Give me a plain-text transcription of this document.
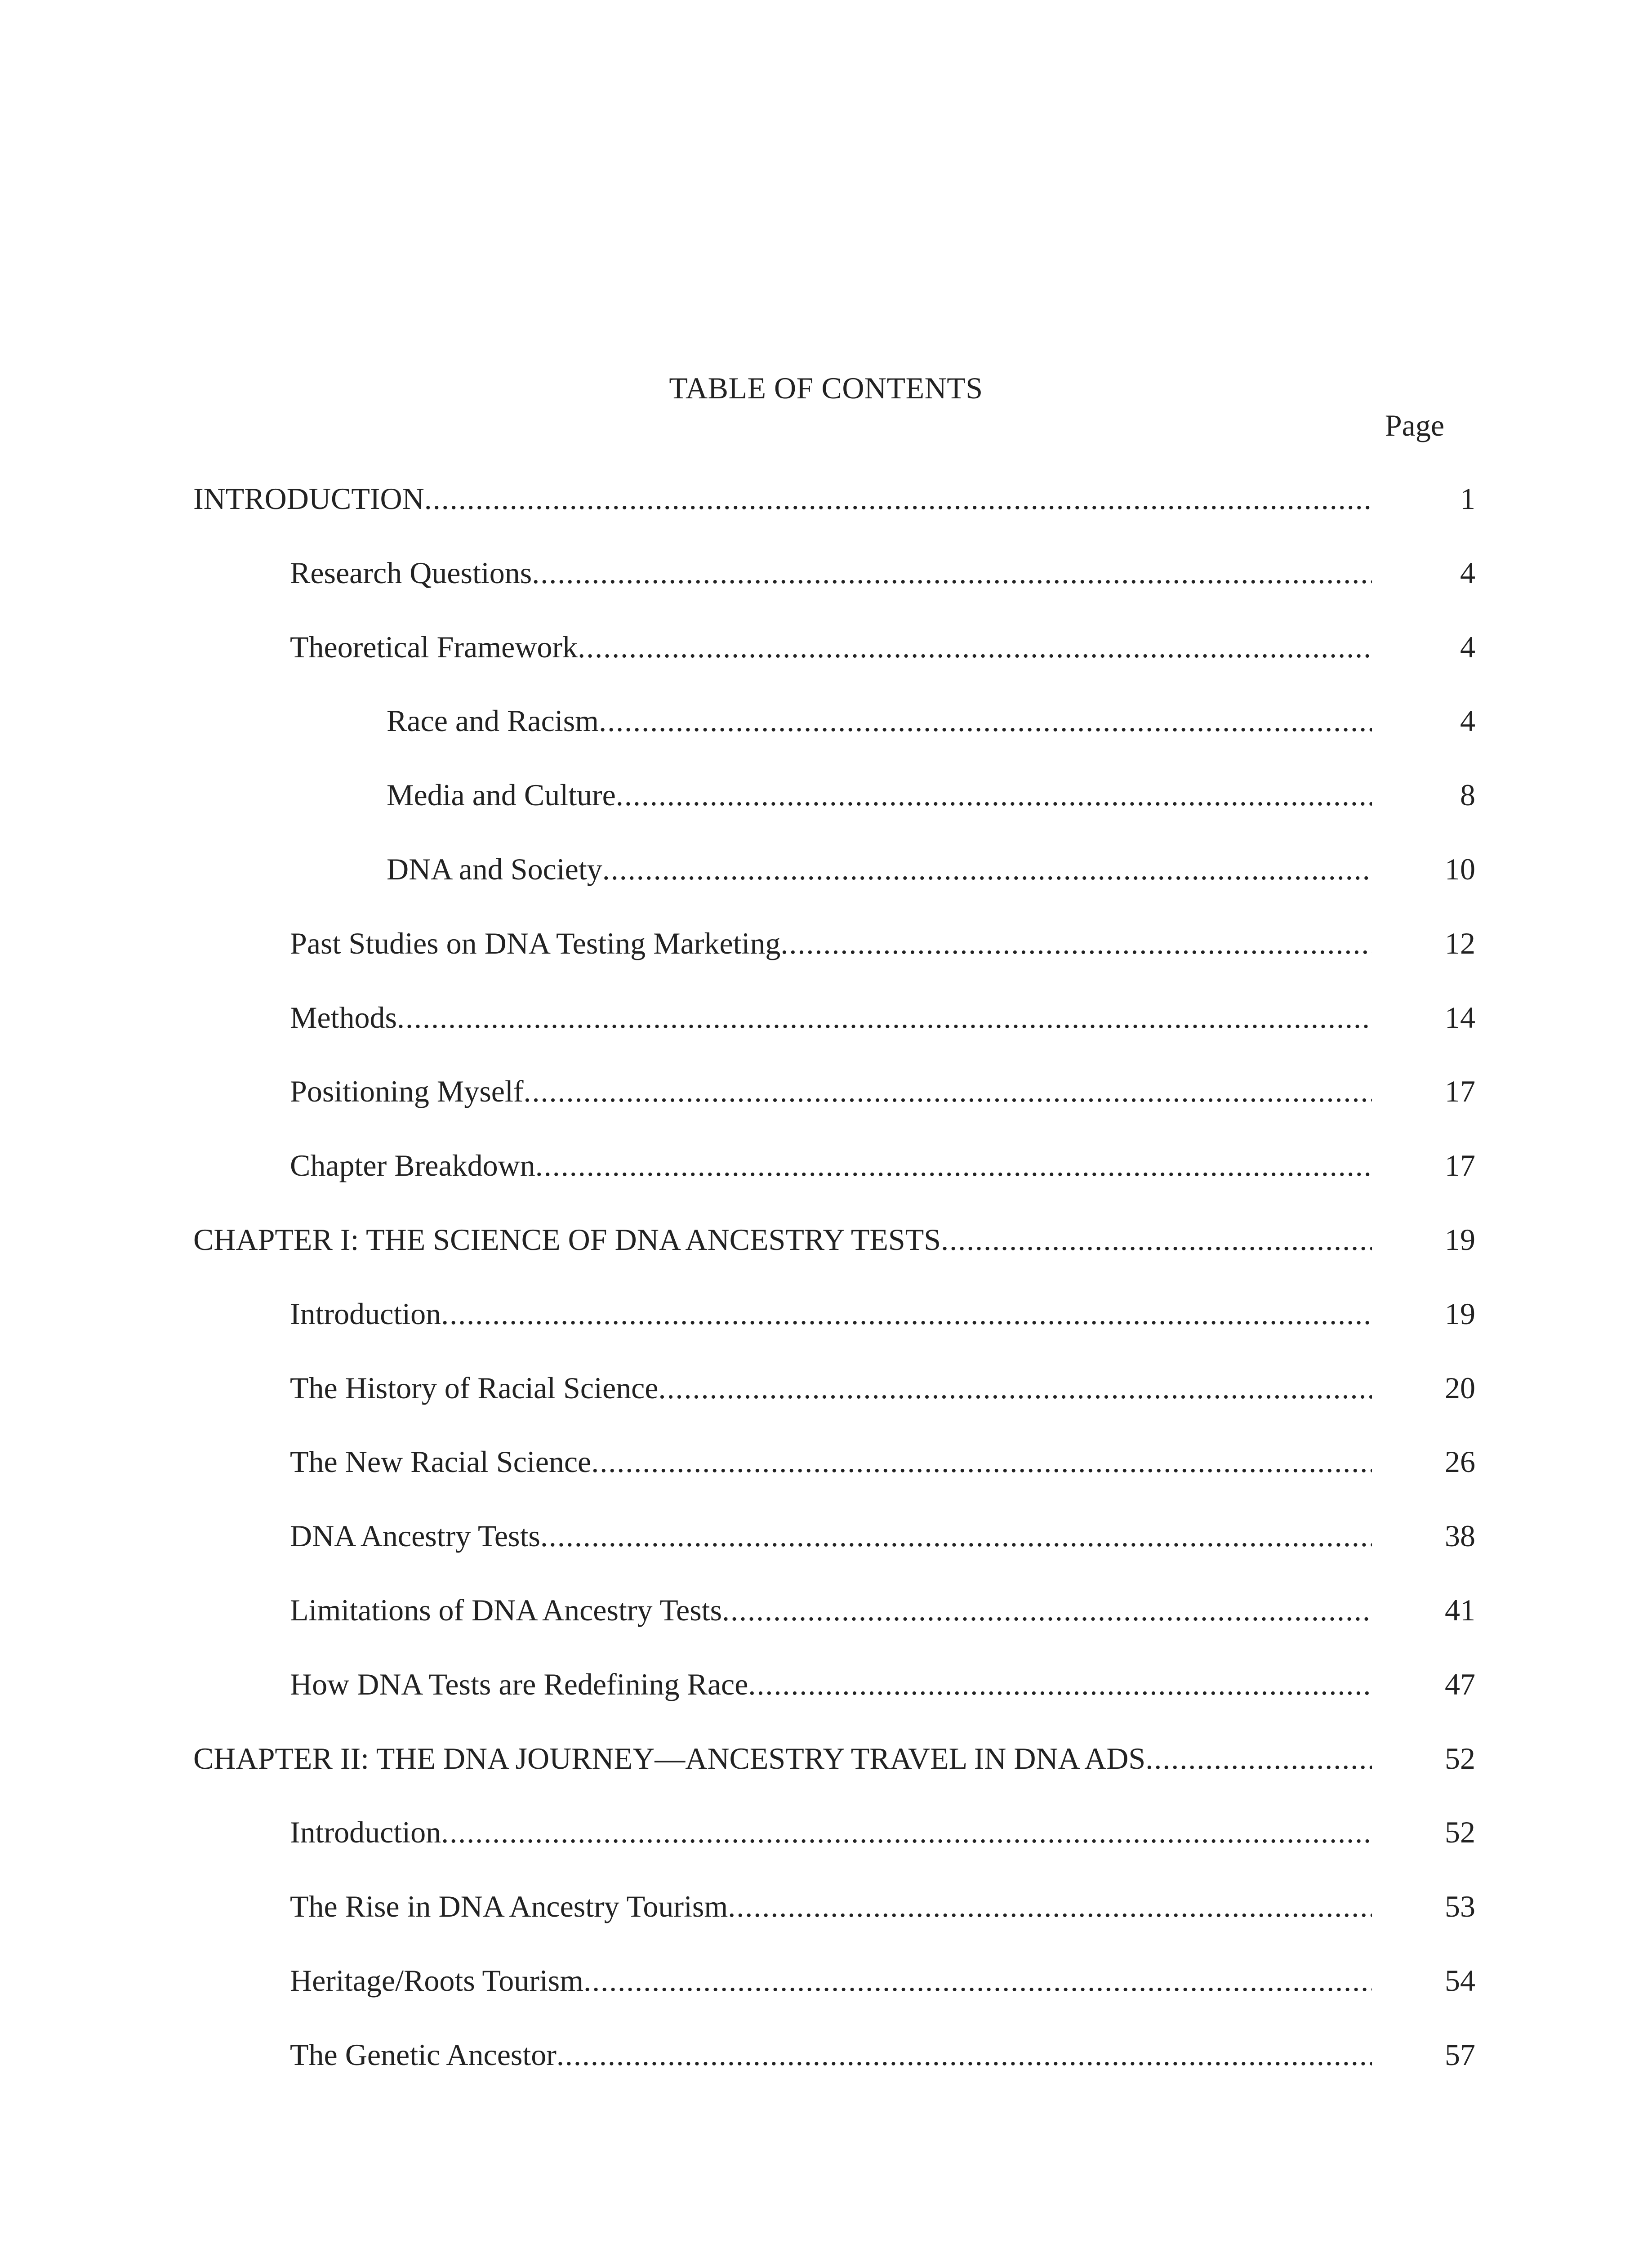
TABLE OF CONTENTS
Page
INTRODUCTION .....	1
Research Questions .....	4
Theoretical Framework .....	4
Race and Racism .....	4
Media and Culture .....	8
DNA and Society .....	10
Past Studies on DNA Testing Marketing .....	12
Methods .....	14
Positioning Myself .....	17
Chapter Breakdown .....	17
CHAPTER I: THE SCIENCE OF DNA ANCESTRY TESTS .....	19
Introduction .....	19
The History of Racial Science .....	20
The New Racial Science .....	26
DNA Ancestry Tests .....	38
Limitations of DNA Ancestry Tests .....	41
How DNA Tests are Redefining Race .....	47
CHAPTER II: THE DNA JOURNEY—ANCESTRY TRAVEL IN DNA ADS .....	52
Introduction .....	52
The Rise in DNA Ancestry Tourism .....	53
Heritage/Roots Tourism .....	54
The Genetic Ancestor .....	57
